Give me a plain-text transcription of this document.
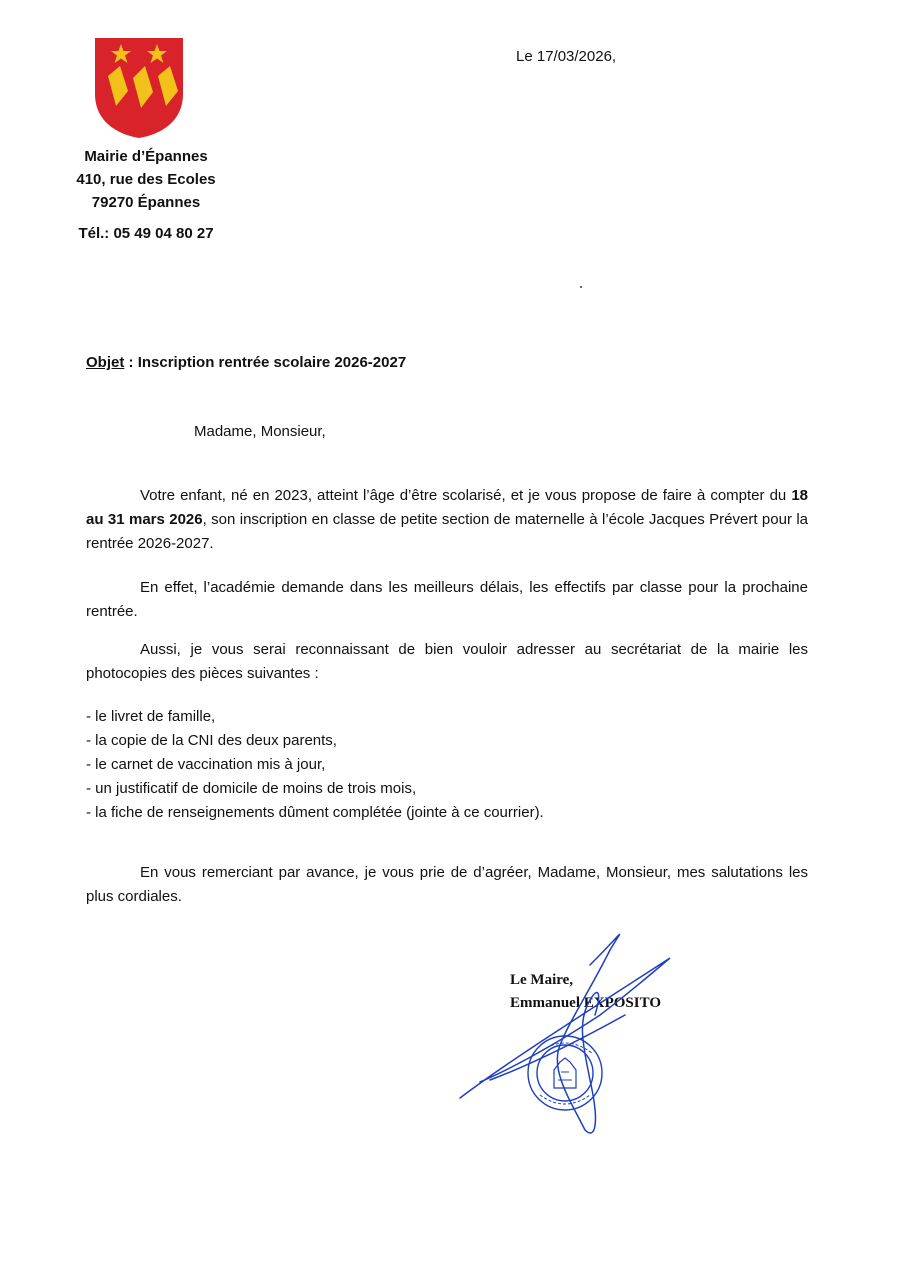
Mairie d’Épannes
410, rue des Ecoles
79270 Épannes
Tél.: 05 49 04 80 27
Le 17/03/2026,
Objet : Inscription rentrée scolaire 2026-2027
Madame, Monsieur,
Votre enfant, né en 2023, atteint l’âge d’être scolarisé, et je vous propose de faire à compter du 18 au 31 mars 2026, son inscription en classe de petite section de maternelle à l’école Jacques Prévert pour la rentrée 2026-2027.
En effet, l’académie demande dans les meilleurs délais, les effectifs par classe pour la prochaine rentrée.
Aussi, je vous serai reconnaissant de bien vouloir adresser au secrétariat de la mairie les photocopies des pièces suivantes :
- le livret de famille,
- la copie de la CNI des deux parents,
- le carnet de vaccination mis à jour,
- un justificatif de domicile de moins de trois mois,
- la fiche de renseignements dûment complétée (jointe à ce courrier).
En vous remerciant par avance, je vous prie de d’agréer, Madame, Monsieur, mes salutations les plus cordiales.
Le Maire,
Emmanuel EXPOSITO
